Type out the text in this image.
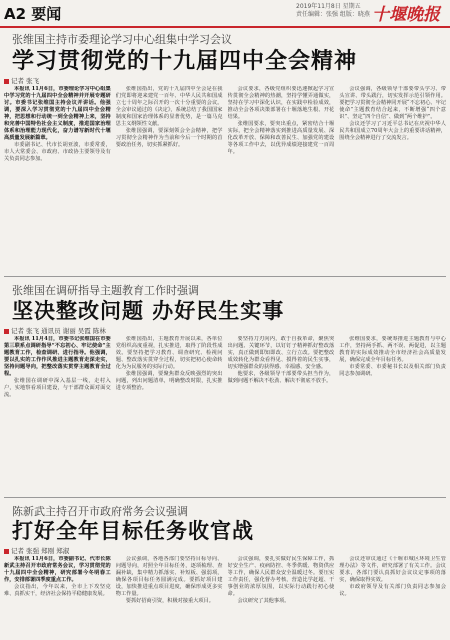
A2 要闻	2019年11月8日 星期五
责任编辑：张强 组版：晓燕 十堰晚报
张维国主持市委理论学习中心组集中学习会议
学习贯彻党的十九届四中全会精神
记者 张飞

本报讯 11月6日，市委理论学习中心组集中学习党的十九届四中全会精神并开展专题研讨。市委书记张维国主持会议并讲话。他强调，要深入学习贯彻党的十九届四中全会精神，把思想和行动统一到全会精神上来，坚持和完善中国特色社会主义制度，推进国家治理体系和治理能力现代化，奋力谱写新时代十堰高质量发展新篇章。

市委副书记、代市长胡亚波，市委常委，市人大常委会、市政府、市政协主要领导及有关负责同志参加。

张维国指出，党的十九届四中全会是在我们党即将迎来建党一百年、中华人民共和国成立七十周年之际召开的一次十分重要的会议。全会审议通过的《决定》，系统总结了我国国家制度和国家治理体系的显著优势，是一篇马克思主义纲领性文献。

张维国强调，要深刻领会全会精神，把学习贯彻全会精神作为当前和今后一个时期的首要政治任务，切实抓紧抓好。

会议要求，各级党组织要迅速掀起学习宣传贯彻全会精神的热潮，坚持学懂弄通做实，坚持在学习中深化认识，在实践中检验成效，推动全会各项决策部署在十堰落地生根、开花结果。

张维国要求，要突出重点，紧密结合十堰实际，把全会精神落实到推进高质量发展、深化改革开放、保障和改善民生、加强党的建设等各项工作中去，以优异成绩迎接建党一百周年。

会议强调，各级领导干部要带头学习、带头宣讲、带头践行，切实发挥示范引领作用。要把学习贯彻全会精神同开展“不忘初心、牢记使命”主题教育结合起来，不断增强“四个意识”、坚定“四个自信”、做到“两个维护”。

会议还学习了习近平总书记在庆祝中华人民共和国成立70周年大会上的重要讲话精神，围绕全会精神进行了交流发言。

张维国在调研指导主题教育工作时强调
坚决整改问题 办好民生实事
记者 张飞 通讯员 谢丽 吴霞 陈林

本报讯 11月4日，市委书记张维国在市委第三联系点调研指导“不忘初心、牢记使命”主题教育工作，检查调研、进行指导。他强调，要以扎实的工作作风推进主题教育走深走实，坚持问题导向，把整改落实贯穿主题教育全过程。

张维国在调研中深入基层一线，走村入户，实地察看项目建设，与干部群众面对面交流。

张维国指出，主题教育开展以来，各单位党组织高度重视，扎实推进，取得了阶段性成效。要坚持把学习教育、调查研究、检视问题、整改落实贯穿全过程，切实把初心使命转化为为民服务的实际行动。

张维国强调，要聚焦群众反映强烈的突出问题，列出问题清单，明确整改时限，扎实推进专项整治。

要坚持刀刃向内，敢于自我革命，聚焦突出问题、关键环节，以钉钉子精神抓好整改落实，真正做到即知即改、立行立改。要把整改成效转化为群众看得见、摸得着的民生实事，切实增强群众的获得感、幸福感、安全感。

他要求，各级领导干部要带头担当作为，做到问题不解决不松劲、解决不彻底不放手。

张维国要求，要统筹推进主题教育与中心工作，坚持两手抓、两不误、两促进，以主题教育的实际成效推动全市经济社会高质量发展，确保完成全年目标任务。

市委常委、市委秘书长以及相关部门负责同志参加调研。

陈新武主持召开市政府常务会议强调
打好全年目标任务收官战
记者 张强 郑刚 郑淑

本报讯 11月6日，市委副书记、代市长陈新武主持召开市政府常务会议，学习贯彻党的十九届四中全会精神，研究部署今冬明春工作，安排部署四季度重点工作。

会议指出，今年以来，全市上下攻坚克难、真抓实干，经济社会保持平稳健康发展。

会议强调，各地各部门要坚持目标导向、问题导向，对照全年目标任务，逐项梳理、查漏补缺，集中精力抓落实、补短板、强弱项，确保各项目标任务圆满完成。要抓好项目建设，加快推进重点项目进度，确保形成更多实物工作量。

要抓好招商引资，积极对接重大项目。

会议强调，要扎实做好民生保障工作，抓好安全生产、疫病防控、冬季供暖、物资供应等工作，确保人民群众安全温暖过冬。要压实工作责任，强化督办考核，营造比学赶超、干事创业的浓厚氛围，以实际行动践行初心使命。

会议研究了其他事项。

会议还审议通过《十堰市城区环境卫生管理办法》等文件，研究部署了有关工作。会议要求，各部门要认真抓好会议议定事项的落实，确保取得实效。

市政府领导及有关部门负责同志参加会议。
